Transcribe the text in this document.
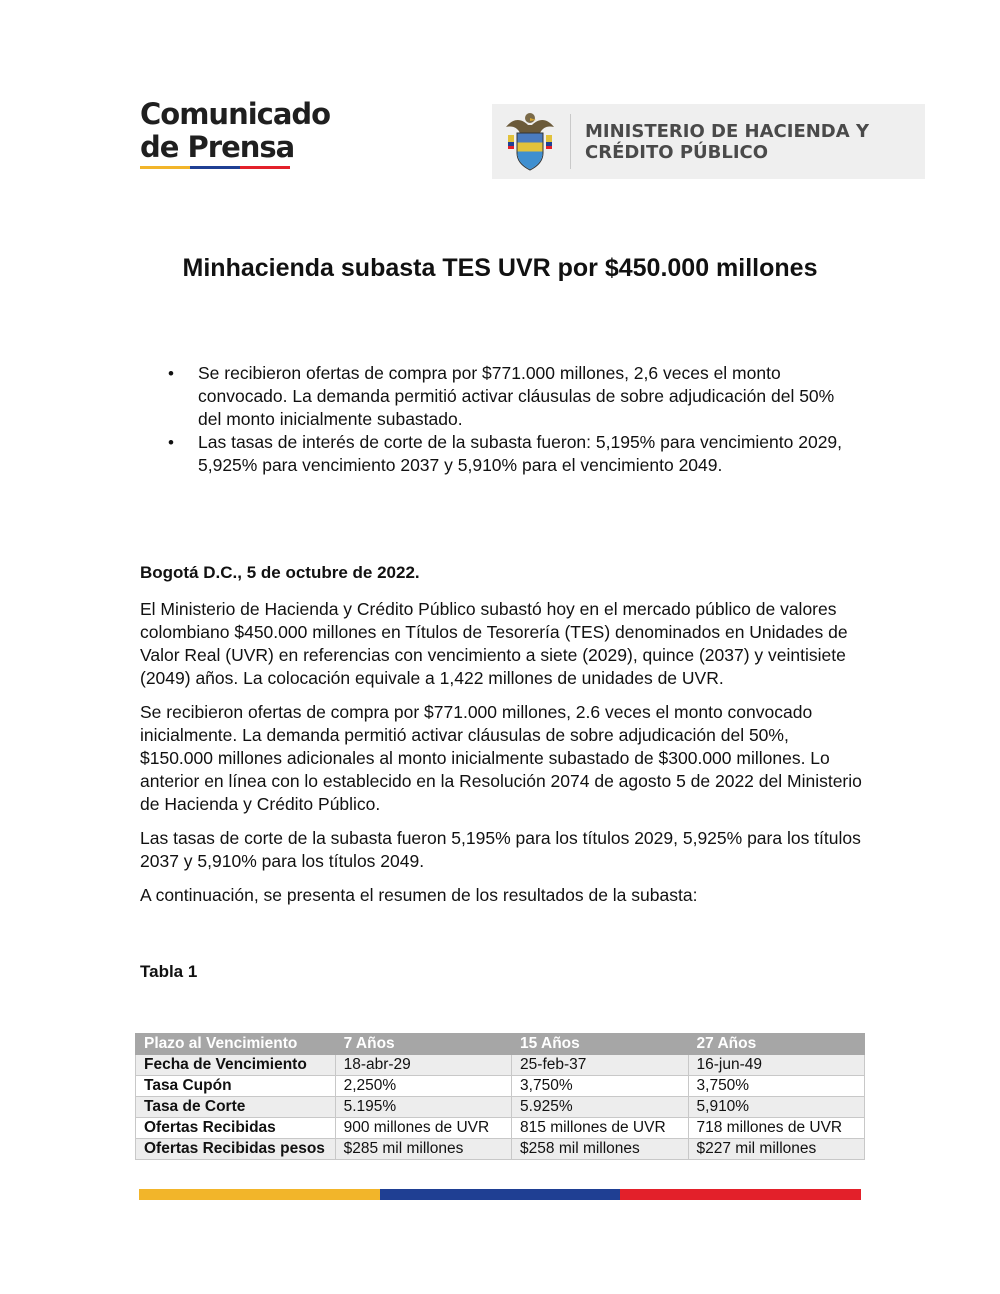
Comunicado
de Prensa	MINISTERIO DE HACIENDA Y
CRÉDITO PÚBLICO
Minhacienda subasta TES UVR por $450.000 millones
• Se recibieron ofertas de compra por $771.000 millones, 2,6 veces el monto convocado. La demanda permitió activar cláusulas de sobre adjudicación del 50% del monto inicialmente subastado.
• Las tasas de interés de corte de la subasta fueron: 5,195% para vencimiento 2029, 5,925% para vencimiento 2037 y 5,910% para el vencimiento 2049.
Bogotá D.C., 5 de octubre de 2022.

El Ministerio de Hacienda y Crédito Público subastó hoy en el mercado público de valores colombiano $450.000 millones en Títulos de Tesorería (TES) denominados en Unidades de Valor Real (UVR) en referencias con vencimiento a siete (2029), quince (2037) y veintisiete (2049) años. La colocación equivale a 1,422 millones de unidades de UVR.

Se recibieron ofertas de compra por $771.000 millones, 2.6 veces el monto convocado inicialmente. La demanda permitió activar cláusulas de sobre adjudicación del 50%, $150.000 millones adicionales al monto inicialmente subastado de $300.000 millones. Lo anterior en línea con lo establecido en la Resolución 2074 de agosto 5 de 2022 del Ministerio de Hacienda y Crédito Público.

Las tasas de corte de la subasta fueron 5,195% para los títulos 2029, 5,925% para los títulos 2037 y 5,910% para los títulos 2049.

A continuación, se presenta el resumen de los resultados de la subasta:

Tabla 1
Plazo al Vencimiento	7 Años	15 Años	27 Años
Fecha de Vencimiento	18-abr-29	25-feb-37	16-jun-49
Tasa Cupón	2,250%	3,750%	3,750%
Tasa de Corte	5.195%	5.925%	5,910%
Ofertas Recibidas	900 millones de UVR	815 millones de UVR	718 millones de UVR
Ofertas Recibidas pesos	$285 mil millones	$258 mil millones	$227 mil millones
